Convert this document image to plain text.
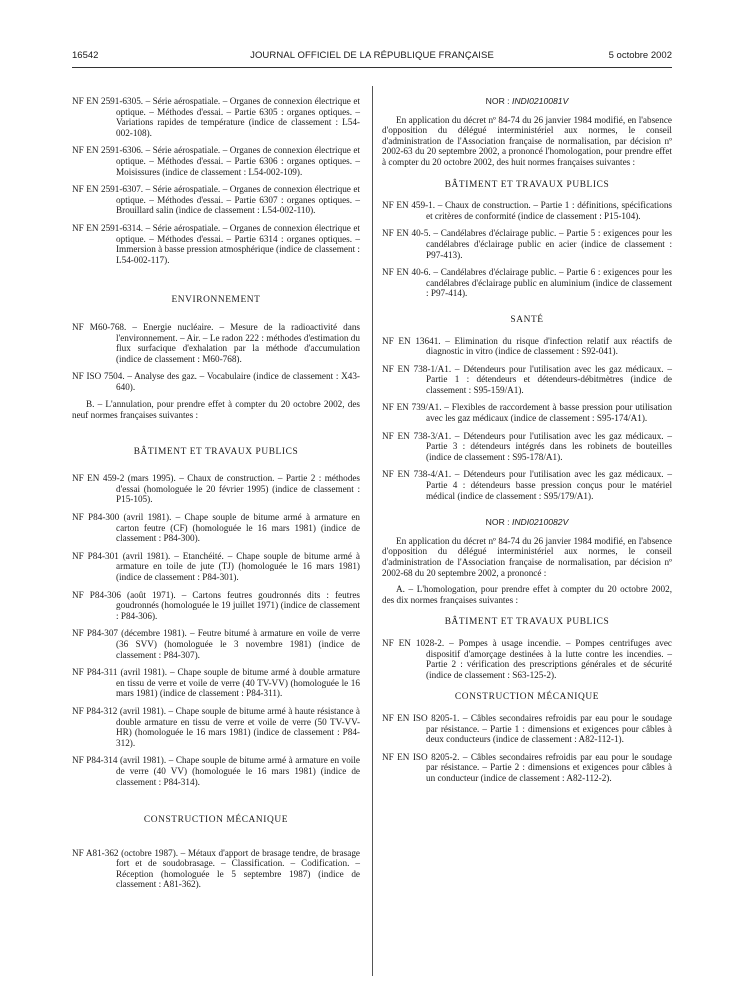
16542	JOURNAL OFFICIEL DE LA RÉPUBLIQUE FRANÇAISE	5 octobre 2002
NF EN 2591-6305. – Série aérospatiale. – Organes de connexion électrique et optique. – Méthodes d'essai. – Partie 6305 : organes optiques. – Variations rapides de température (indice de classement : L54-002-108).
NF EN 2591-6306. – Série aérospatiale. – Organes de connexion électrique et optique. – Méthodes d'essai. – Partie 6306 : organes optiques. – Moisissures (indice de classement : L54-002-109).
NF EN 2591-6307. – Série aérospatiale. – Organes de connexion électrique et optique. – Méthodes d'essai. – Partie 6307 : organes optiques. – Brouillard salin (indice de classement : L54-002-110).
NF EN 2591-6314. – Série aérospatiale. – Organes de connexion électrique et optique. – Méthodes d'essai. – Partie 6314 : organes optiques. – Immersion à basse pression atmosphérique (indice de classement : L54-002-117).
ENVIRONNEMENT
NF M60-768. – Energie nucléaire. – Mesure de la radioactivité dans l'environnement. – Air. – Le radon 222 : méthodes d'estimation du flux surfacique d'exhalation par la méthode d'accumulation (indice de classement : M60-768).
NF ISO 7504. – Analyse des gaz. – Vocabulaire (indice de classement : X43-640).
B. – L'annulation, pour prendre effet à compter du 20 octobre 2002, des neuf normes françaises suivantes :
BÂTIMENT ET TRAVAUX PUBLICS
NF EN 459-2 (mars 1995). – Chaux de construction. – Partie 2 : méthodes d'essai (homologuée le 20 février 1995) (indice de classement : P15-105).
NF P84-300 (avril 1981). – Chape souple de bitume armé à armature en carton feutre (CF) (homologuée le 16 mars 1981) (indice de classement : P84-300).
NF P84-301 (avril 1981). – Etanchéité. – Chape souple de bitume armé à armature en toile de jute (TJ) (homologuée le 16 mars 1981) (indice de classement : P84-301).
NF P84-306 (août 1971). – Cartons feutres goudronnés dits : feutres goudronnés (homologuée le 19 juillet 1971) (indice de classement : P84-306).
NF P84-307 (décembre 1981). – Feutre bitumé à armature en voile de verre (36 SVV) (homologuée le 3 novembre 1981) (indice de classement : P84-307).
NF P84-311 (avril 1981). – Chape souple de bitume armé à double armature en tissu de verre et voile de verre (40 TV-VV) (homologuée le 16 mars 1981) (indice de classement : P84-311).
NF P84-312 (avril 1981). – Chape souple de bitume armé à haute résistance à double armature en tissu de verre et voile de verre (50 TV-VV-HR) (homologuée le 16 mars 1981) (indice de classement : P84-312).
NF P84-314 (avril 1981). – Chape souple de bitume armé à armature en voile de verre (40 VV) (homologuée le 16 mars 1981) (indice de classement : P84-314).
CONSTRUCTION MÉCANIQUE
NF A81-362 (octobre 1987). – Métaux d'apport de brasage tendre, de brasage fort et de soudobrasage. – Classification. – Codification. – Réception (homologuée le 5 septembre 1987) (indice de classement : A81-362).
NOR : INDI0210081V
En application du décret nº 84-74 du 26 janvier 1984 modifié, en l'absence d'opposition du délégué interministériel aux normes, le conseil d'administration de l'Association française de normalisation, par décision nº 2002-63 du 20 septembre 2002, a prononcé l'homologation, pour prendre effet à compter du 20 octobre 2002, des huit normes françaises suivantes :
BÂTIMENT ET TRAVAUX PUBLICS
NF EN 459-1. – Chaux de construction. – Partie 1 : définitions, spécifications et critères de conformité (indice de classement : P15-104).
NF EN 40-5. – Candélabres d'éclairage public. – Partie 5 : exigences pour les candélabres d'éclairage public en acier (indice de classement : P97-413).
NF EN 40-6. – Candélabres d'éclairage public. – Partie 6 : exigences pour les candélabres d'éclairage public en aluminium (indice de classement : P97-414).
SANTÉ
NF EN 13641. – Elimination du risque d'infection relatif aux réactifs de diagnostic in vitro (indice de classement : S92-041).
NF EN 738-1/A1. – Détendeurs pour l'utilisation avec les gaz médicaux. – Partie 1 : détendeurs et détendeurs-débitmètres (indice de classement : S95-159/A1).
NF EN 739/A1. – Flexibles de raccordement à basse pression pour utilisation avec les gaz médicaux (indice de classement : S95-174/A1).
NF EN 738-3/A1. – Détendeurs pour l'utilisation avec les gaz médicaux. – Partie 3 : détendeurs intégrés dans les robinets de bouteilles (indice de classement : S95-178/A1).
NF EN 738-4/A1. – Détendeurs pour l'utilisation avec les gaz médicaux. – Partie 4 : détendeurs basse pression conçus pour le matériel médical (indice de classement : S95/179/A1).
NOR : INDI0210082V
En application du décret nº 84-74 du 26 janvier 1984 modifié, en l'absence d'opposition du délégué interministériel aux normes, le conseil d'administration de l'Association française de normalisation, par décision nº 2002-68 du 20 septembre 2002, a prononcé :
A. – L'homologation, pour prendre effet à compter du 20 octobre 2002, des dix normes françaises suivantes :
BÂTIMENT ET TRAVAUX PUBLICS
NF EN 1028-2. – Pompes à usage incendie. – Pompes centrifuges avec dispositif d'amorçage destinées à la lutte contre les incendies. – Partie 2 : vérification des prescriptions générales et de sécurité (indice de classement : S63-125-2).
CONSTRUCTION MÉCANIQUE
NF EN ISO 8205-1. – Câbles secondaires refroidis par eau pour le soudage par résistance. – Partie 1 : dimensions et exigences pour câbles à deux conducteurs (indice de classement : A82-112-1).
NF EN ISO 8205-2. – Câbles secondaires refroidis par eau pour le soudage par résistance. – Partie 2 : dimensions et exigences pour câbles à un conducteur (indice de classement : A82-112-2).
